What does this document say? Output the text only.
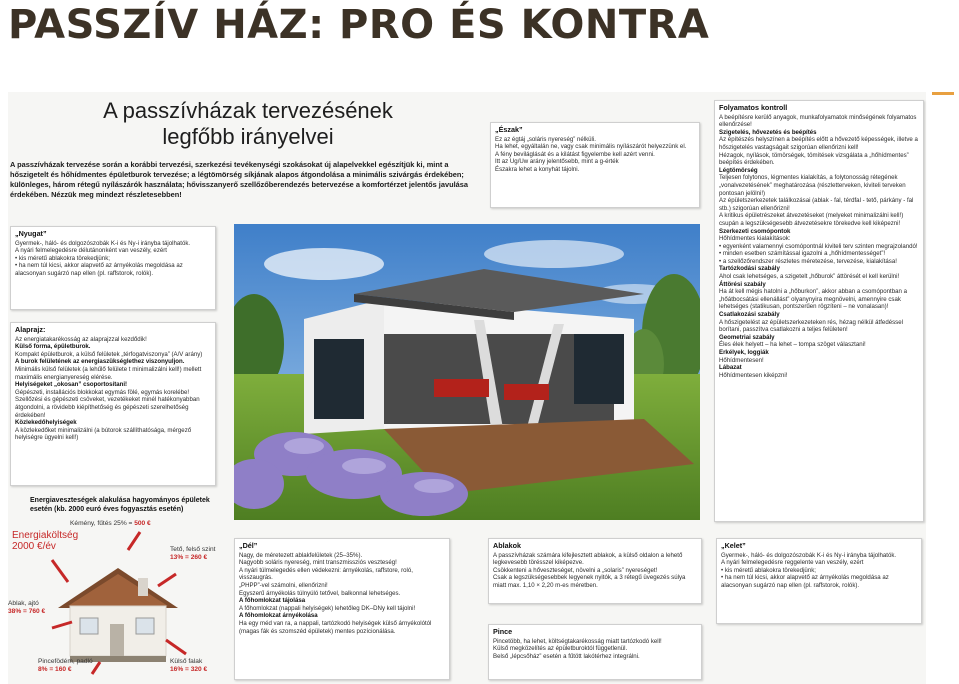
PASSZÍV HÁZ: PRO ÉS KONTRA
A passzívházak tervezésének
legfőbb irányelvei
A passzívházak tervezése során a korábbi tervezési, szerkezési tevékenységi szokásokat új alapelvekkel egészítjük ki, mint a hőszigetelt és hőhídmentes épületburok tervezése; a légtömörség síkjának alapos átgondolása a minimális szivárgás érdekében; különleges, három rétegű nyílászárók használata; hővisszanyerő szellőzőberendezés betervezése a komfortérzet jelentős javulása érdekében. Nézzük meg mindezt részletesebben!
„Nyugat”

Gyermek-, háló- és dolgozószobák K-i és Ny-i irányba tájolhatók.

A nyári felmelegedésre délutánonként van veszély, ezért

• kis méretű ablakokra törekedjünk;

• ha nem túl kicsi, akkor alapvető az árnyékolás megoldása az alacsonyan sugárzó nap ellen (pl. raffstorok, rolók).

Alaprajz:

Az energiatakarékosság az alaprajzzal kezdődik!

Külső forma, épületburok.

Kompakt épületburok, a külső felületek „térfogatviszonya” (A/V arány)

A burok felületének az energiaszükséglethez viszonyuljon.

Minimális külső felületek (a lehűlő felülete t minimalizálni kell!) mellett maximális energianyereség elérése.

Helyiségeket „okosan” csoportosítani!

Gépészeti, installációs blokkokat egymás fölé, egymás korelébe!

Szellőzési és gépészeti csöveket, vezetékeket minél hatékonyabban átgondolni, a rövidebb kiépíthetőség és gépészeti szerelhetőség érdekében!

Közlekedőhelyiségek

A közlekedőket minimalizálni (a bútorok szállíthatósága, mérgező helyiségre ügyelni kell!)

„Észak”

Ez az égtáj „soláris nyereség” nélküli.

Ha lehet, egyáltalán ne, vagy csak minimális nyílászárót helyezzünk el.

A fény beviláglását és a kilátást figyelembe kell azért venni.

Itt az Ug/Uw arány jelentősebb, mint a g-érték

Északra lehet a konyhát tájolni.

Folyamatos kontroll

A beépítésre kerülő anyagok, munkafolyamatok minőségének folyamatos ellenőrzése!

Szigetelés, hővezetés és beépítés

Az építészés helyszínen a beépítés előtt a hővezető képességek, illetve a hőszigetelés vastagságait szigorúan ellenőrizni kell!

Hézagok, nyílások, tömörségek, tömítések vizsgálata a „hőhídmentes” beépítés érdekében.

Légtömörség

Teljesen folytonos, légmentes kialakítás, a folytonosság rétegének „vonalvezetésének” meghatározása (részletterveken, kiviteli terveken pontosan jelölni!)

Az épületszerkezetek találkozásai (ablak - fal, térdfal - tető, párkány - fal stb.) szigorúan ellenőrizni!

A kritikus épületrészeket átvezetéseket (melyeket minimalizálni kell!) csupán a legszükségesebb átvezetésekre törekedve kell kiképezni!

Szerkezeti csomópontok

Hőhídmentes kialakítások:

• egyenként valamennyi csomópontnál kiviteli terv szinten megrajzolandó!

• minden esetben számítással igazolni a „hőhídmentességet”!

• a szellőzőrendszer részletes méretezése, tervezése, kialakítása!

Tartózkodási szabály

Ahol csak lehetséges, a szigetelt „hőburok” áttörését el kell kerülni!

Áttörési szabály

Ha át kell mégis hatolni a „hőburkon”, akkor abban a csomópontban a „hőátbocsátási ellenállást” olyanynyira megnövelni, amennyire csak lehetséges (statikusan, pontszerűen rögzíteni – ne vonalasan)!

Csatlakozási szabály

A hőszigetelést az épületszerkezeteken rés, hézag nélkül átfedéssel borítani, passzítva csatlakozni a teljes felületen!

Geometriai szabály

Éles élek helyett – ha lehet – tompa szöget választani!

Erkélyek, loggiák

Hőhídmentesen!

Lábazat

Hőhídmentesen kiképzni!

Energiaveszteségek alakulása hagyományos épületek esetén (kb. 2000 euró éves fogyasztás esetén)
Energiaköltség
2000 €/év
Kémény, fűtés 25% = 500 €
Tető, felső szint
13% = 260 €
Ablak, ajtó
38% = 760 €
Pincefödém, padló
8% = 160 €
Külső falak
16% = 320 €
„Dél”

Nagy, de méretezett ablakfelületek (25–35%).

Nagyobb soláris nyereség, mint transzmissziós veszteség!

A nyári túlmelegedés ellen védekezni: árnyékolás, raffstore, roló, visszaugrás.

„PHPP”-vel számolni, ellenőrizni!

Egyszerű árnyékolás túlnyúló tetővel, balkonnal lehetséges.

A főhomlokzat tájolása

A főhomlokzat (nappali helyiségek) lehetőleg DK–DNy kell tájolni!

A főhomlokzat árnyékolása

Ha egy méd van ra, a nappali, tartózkodó helyiségek külső árnyékolótól (magas fák és szomszéd épületek) mentes pozícionálása.

Ablakok

A passzívházak számára kifejlesztett ablakok, a külső oldalon a lehető legkevesebb törésszel kiképezve.

Csökkenteni a hőveszteséget, növelni a „solaris” nyereséget!

Csak a legszükségesebbek legyenek nyitók, a 3 rétegű üvegezés súlya miatt max. 1,10 × 2,20 m-es méretben.

Pince

Pincetöbb, ha lehet, költségtakarékosság miatt tartózkodó kell!

Külső megközelítés az épületburoktól függetlenül.

Belső „lépcsőház” esetén a fűtött lakótérhez integrálni.

„Kelet”

Gyermek-, háló- és dolgozószobák K-i és Ny-i irányba tájolhatók.

A nyári felmelegedésre reggelente van veszély, ezért

• kis méretű ablakokra törekedjünk;

• ha nem túl kicsi, akkor alapvető az árnyékolás megoldása az alacsonyan sugárzó nap ellen (pl. raffstorok, rolók).
